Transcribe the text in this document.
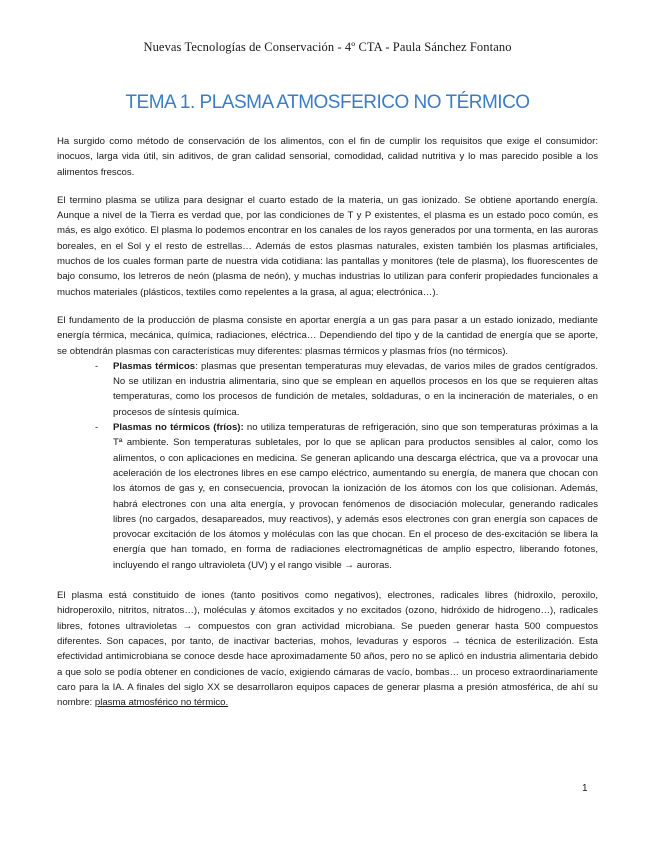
Nuevas Tecnologías de Conservación - 4º CTA - Paula Sánchez Fontano
TEMA 1. PLASMA ATMOSFERICO NO TÉRMICO

Ha surgido como método de conservación de los alimentos, con el fin de cumplir los requisitos que exige el consumidor: inocuos, larga vida útil, sin aditivos, de gran calidad sensorial, comodidad, calidad nutritiva y lo mas parecido posible a los alimentos frescos.

El termino plasma se utiliza para designar el cuarto estado de la materia, un gas ionizado. Se obtiene aportando energía. Aunque a nivel de la Tierra es verdad que, por las condiciones de T y P existentes, el plasma es un estado poco común, es más, es algo exótico. El plasma lo podemos encontrar en los canales de los rayos generados por una tormenta, en las auroras boreales, en el Sol y el resto de estrellas… Además de estos plasmas naturales, existen también los plasmas artificiales, muchos de los cuales forman parte de nuestra vida cotidiana: las pantallas y monitores (tele de plasma), los fluorescentes de bajo consumo, los letreros de neón (plasma de neón), y muchas industrias lo utilizan para conferir propiedades funcionales a muchos materiales (plásticos, textiles como repelentes a la grasa, al agua; electrónica…).

El fundamento de la producción de plasma consiste en aportar energía a un gas para pasar a un estado ionizado, mediante energía térmica, mecánica, química, radiaciones, eléctrica… Dependiendo del tipo y de la cantidad de energía que se aporte, se obtendrán plasmas con características muy diferentes: plasmas térmicos y plasmas fríos (no térmicos).

- Plasmas térmicos: plasmas que presentan temperaturas muy elevadas, de varios miles de grados centígrados. No se utilizan en industria alimentaria, sino que se emplean en aquellos procesos en los que se requieren altas temperaturas, como los procesos de fundición de metales, soldaduras, o en la incineración de materiales, o en procesos de síntesis química.
- Plasmas no térmicos (fríos): no utiliza temperaturas de refrigeración, sino que son temperaturas próximas a la Tª ambiente. Son temperaturas subletales, por lo que se aplican para productos sensibles al calor, como los alimentos, o con aplicaciones en medicina. Se generan aplicando una descarga eléctrica, que va a provocar una aceleración de los electrones libres en ese campo eléctrico, aumentando su energía, de manera que chocan con los átomos de gas y, en consecuencia, provocan la ionización de los átomos con los que colisionan. Además, habrá electrones con una alta energía, y provocan fenómenos de disociación molecular, generando radicales libres (no cargados, desapareados, muy reactivos), y además esos electrones con gran energía son capaces de provocar excitación de los átomos y moléculas con las que chocan. En el proceso de des-excitación se libera la energía que han tomado, en forma de radiaciones electromagnéticas de amplio espectro, liberando fotones, incluyendo el rango ultravioleta (UV) y el rango visible → auroras.

El plasma está constituido de iones (tanto positivos como negativos), electrones, radicales libres (hidroxilo, peroxilo, hidroperoxilo, nitritos, nitratos…), moléculas y átomos excitados y no excitados (ozono, hidróxido de hidrogeno…), radicales libres, fotones ultravioletas → compuestos con gran actividad microbiana. Se pueden generar hasta 500 compuestos diferentes. Son capaces, por tanto, de inactivar bacterias, mohos, levaduras y esporos → técnica de esterilización. Esta efectividad antimicrobiana se conoce desde hace aproximadamente 50 años, pero no se aplicó en industria alimentaria debido a que solo se podía obtener en condiciones de vacío, exigiendo cámaras de vacío, bombas… un proceso extraordinariamente caro para la IA. A finales del siglo XX se desarrollaron equipos capaces de generar plasma a presión atmosférica, de ahí su nombre: plasma atmosférico no térmico.

1
